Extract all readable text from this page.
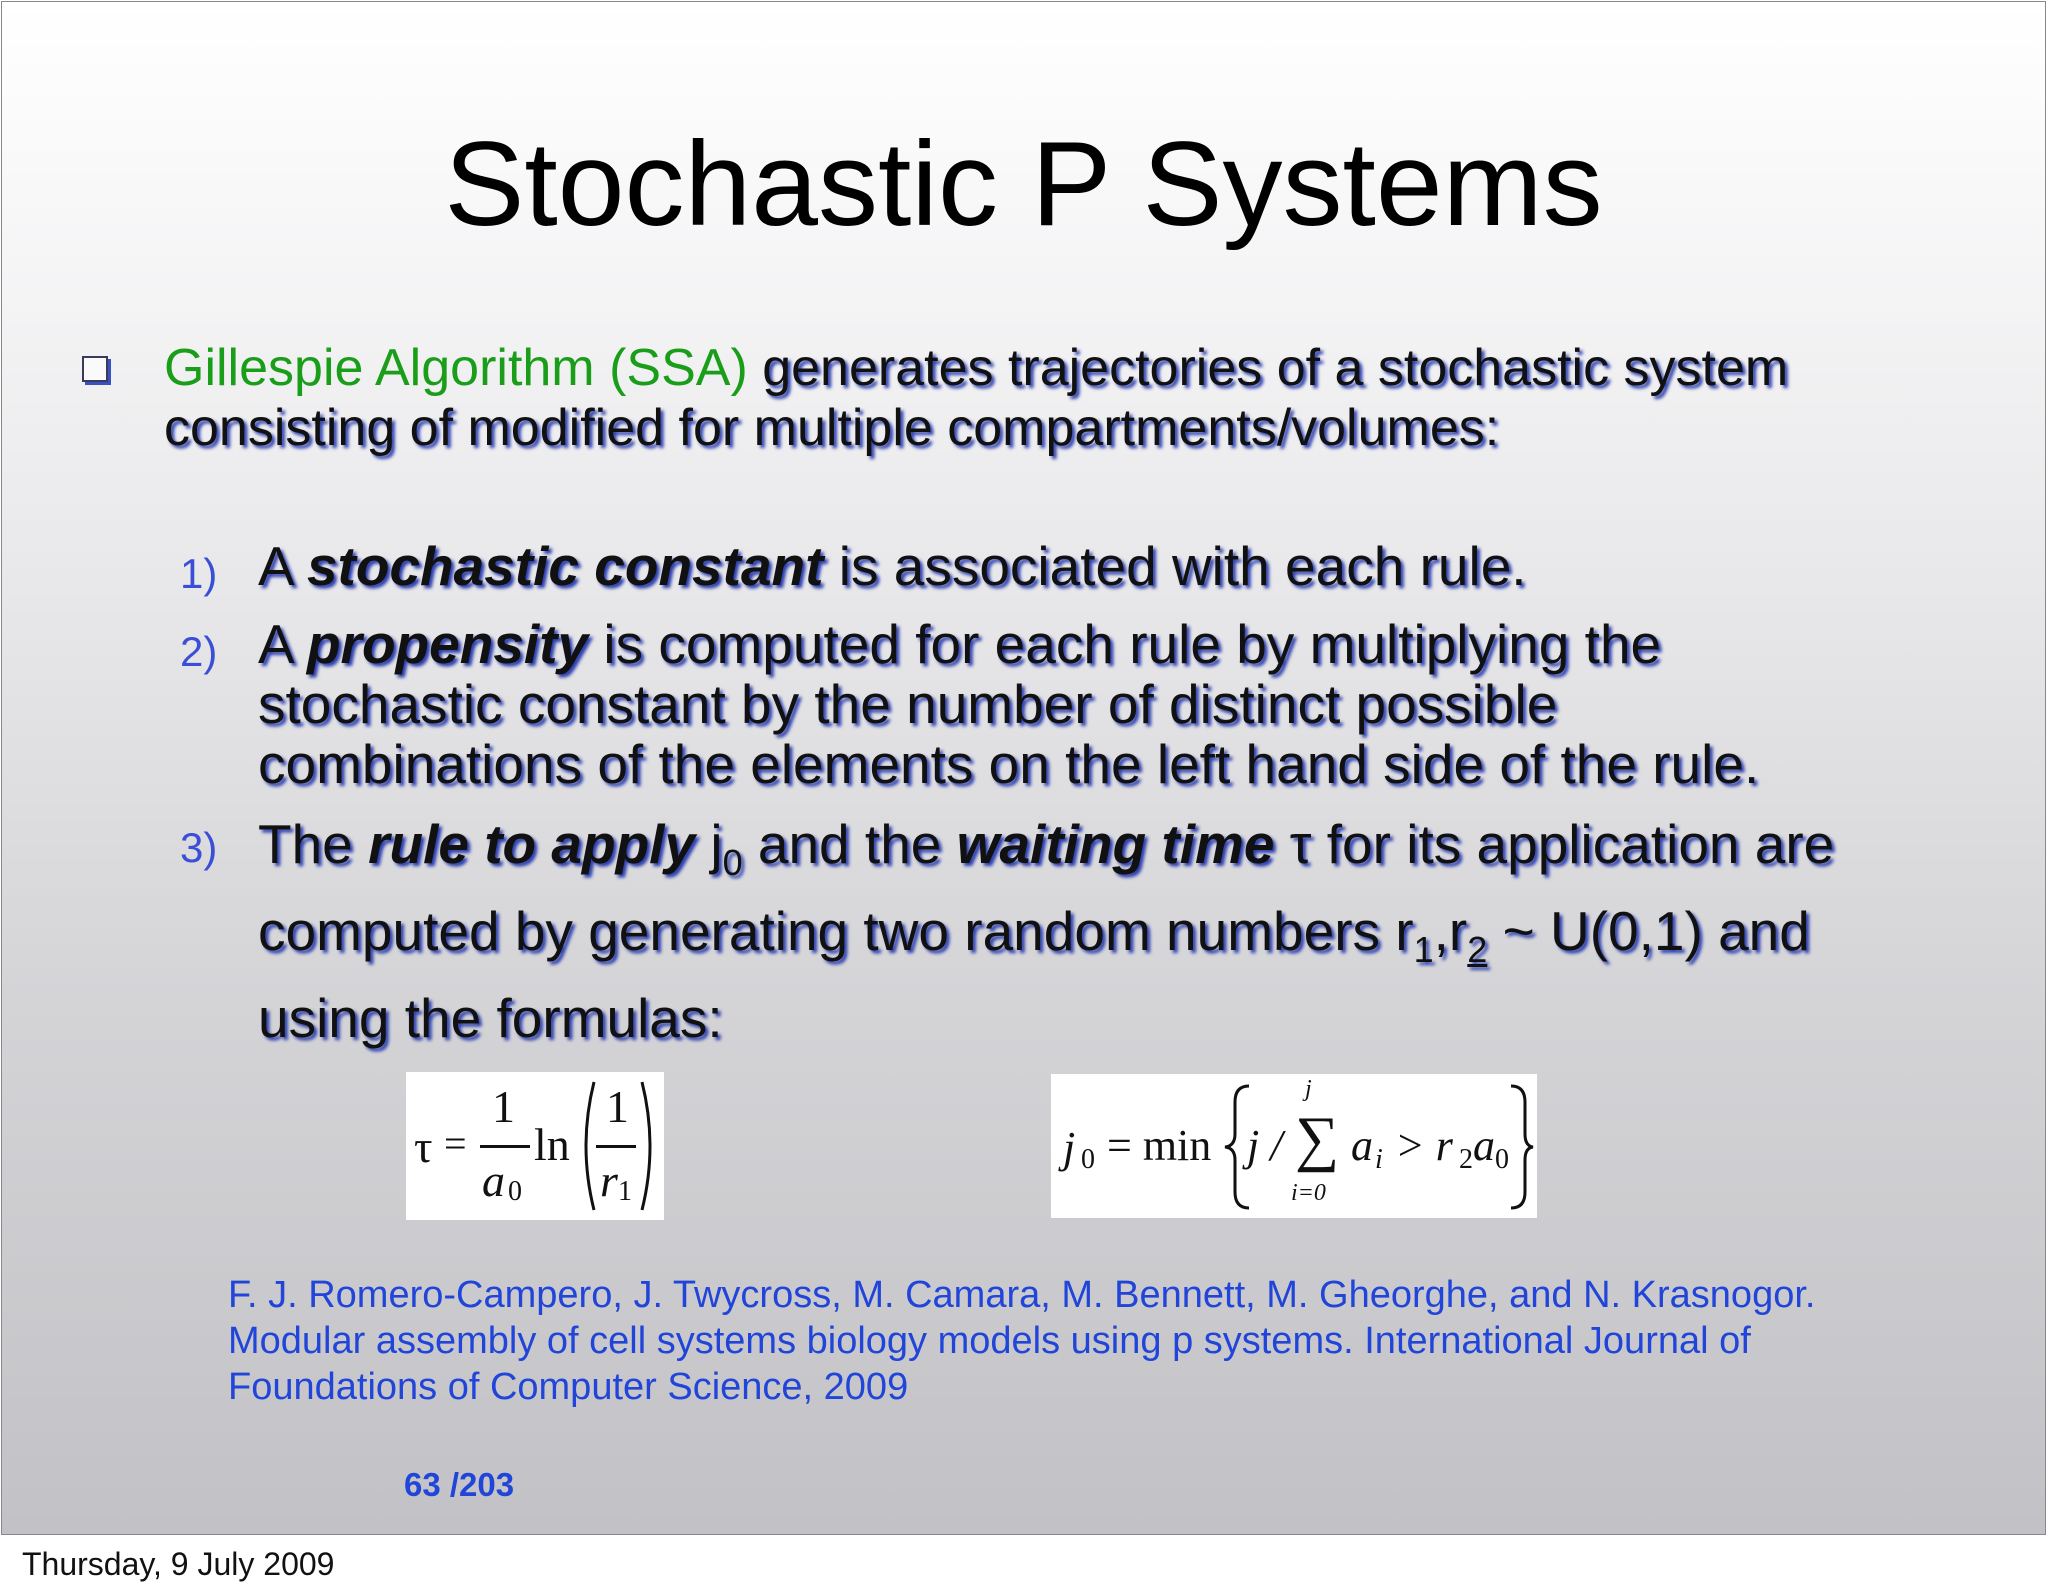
Stochastic P Systems
Gillespie Algorithm (SSA) generates trajectories of a stochastic system consisting of modified for multiple compartments/volumes:
1) A stochastic constant is associated with each rule.
2) A propensity is computed for each rule by multiplying the stochastic constant by the number of distinct possible combinations of the elements on the left hand side of the rule.
3) The rule to apply $j_0$ and the waiting time τ for its application are computed by generating two random numbers $r_1,r_2$ ~ U(0,1) and using the formulas:
τ =
1
a 0
ln
1
r 1
j 0 = min j /
j
∑
i=0
a i > r 2 a 0
F. J. Romero-Campero, J. Twycross, M. Camara, M. Bennett, M. Gheorghe, and N. Krasnogor. Modular assembly of cell systems biology models using p systems. International Journal of Foundations of Computer Science, 2009
63 /203
Thursday, 9 July 2009
